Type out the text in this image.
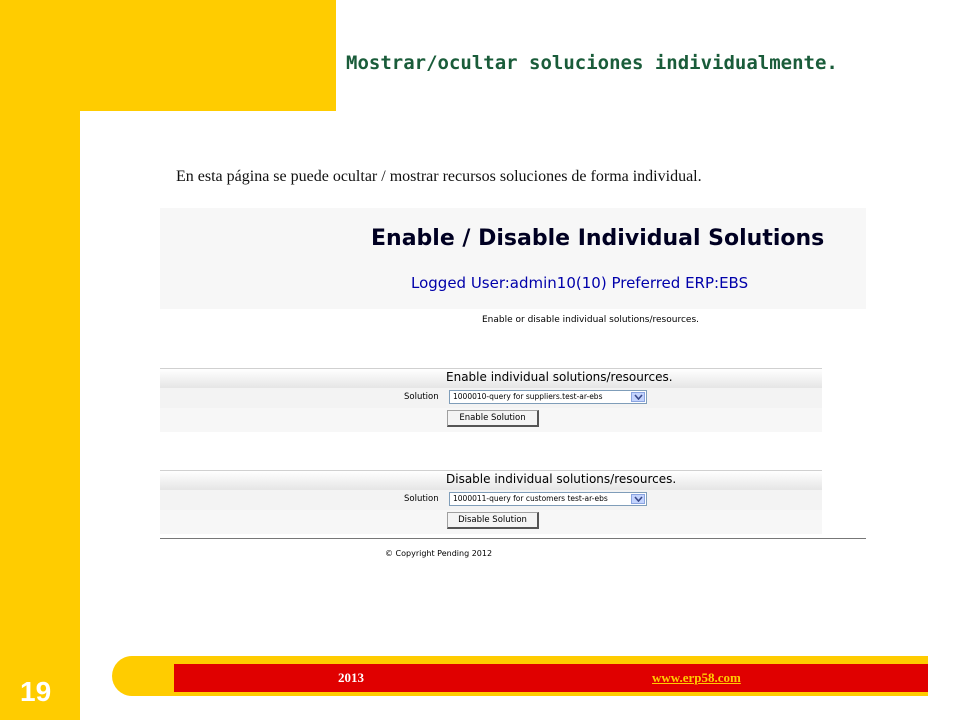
Mostrar/ocultar soluciones individualmente.
En esta página se puede ocultar / mostrar recursos soluciones de forma individual.
Enable / Disable Individual Solutions
Logged User:admin10(10) Preferred ERP:EBS
Enable or disable individual solutions/resources.
Enable individual solutions/resources.
Solution 1000010-query for suppliers.test-ar-ebs
Enable Solution
Disable individual solutions/resources.
Solution 1000011-query for customers test-ar-ebs
Disable Solution
© Copyright Pending 2012
2013	www.erp58.com
19
